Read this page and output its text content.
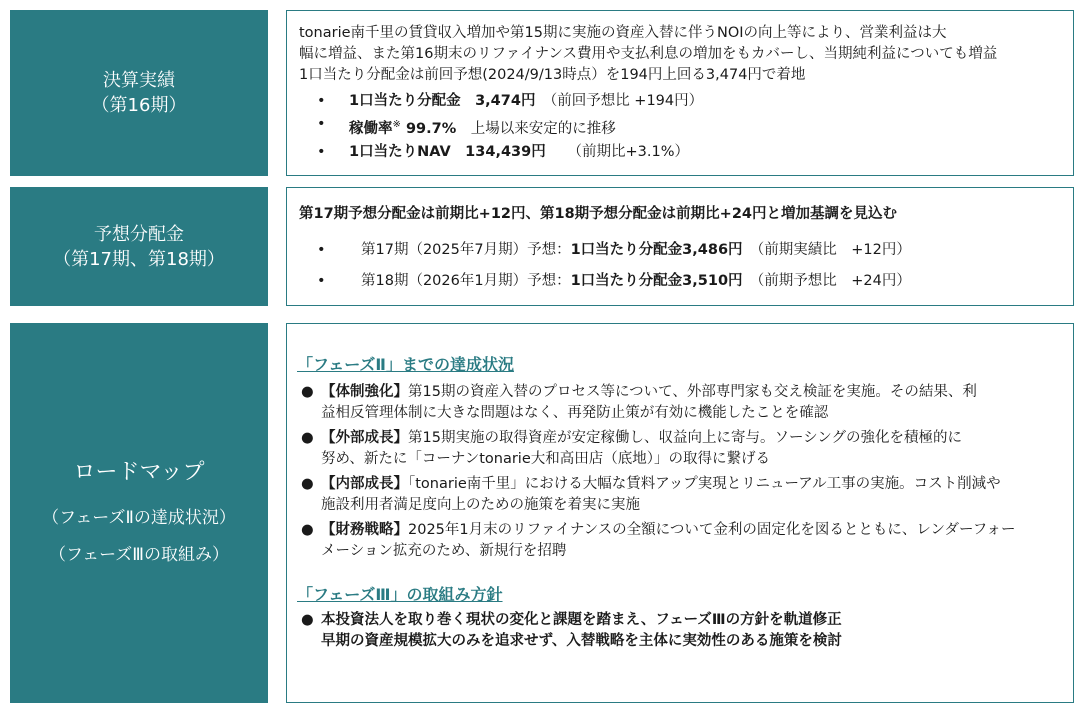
決算実績
（第16期）
予想分配金
（第17期、第18期）
ロードマップ
（フェーズⅡの達成状況）
（フェーズⅢの取組み）
tonarie南千里の賃貸収入増加や第15期に実施の資産入替に伴うNOIの向上等により、営業利益は大
幅に増益、また第16期末のリファイナンス費用や支払利息の増加をもカバーし、当期純利益についても増益
1口当たり分配金は前回予想(2024/9/13時点）を194円上回る3,474円で着地
• 1口当たり分配金　3,474円　（前回予想比 +194円）
• 稼働率※ 99.7%　上場以来安定的に推移
• 1口当たりNAV　134,439円　　（前期比+3.1%）
第17期予想分配金は前期比+12円、第18期予想分配金は前期比+24円と増加基調を見込む
• 第17期（2025年7月期）予想：1口当たり分配金3,486円　 （前期実績比　+12円）
• 第18期（2026年1月期）予想：1口当たり分配金3,510円　 （前期予想比　+24円）
「フェーズⅡ」までの達成状況
● 【体制強化】第15期の資産入替のプロセス等について、外部専門家も交え検証を実施。その結果、利
益相反管理体制に大きな問題はなく、再発防止策が有効に機能したことを確認
● 【外部成長】第15期実施の取得資産が安定稼働し、収益向上に寄与。ソーシングの強化を積極的に
努め、新たに「コーナンtonarie大和高田店（底地）」の取得に繋げる
● 【内部成長】「tonarie南千里」における大幅な賃料アップ実現とリニューアル工事の実施。コスト削減や
施設利用者満足度向上のための施策を着実に実施
● 【財務戦略】2025年1月末のリファイナンスの全額について金利の固定化を図るとともに、レンダーフォー
メーション拡充のため、新規行を招聘
「フェーズⅢ」の取組み方針
● 本投資法人を取り巻く現状の変化と課題を踏まえ、フェーズⅢの方針を軌道修正
早期の資産規模拡大のみを追求せず、入替戦略を主体に実効性のある施策を検討
